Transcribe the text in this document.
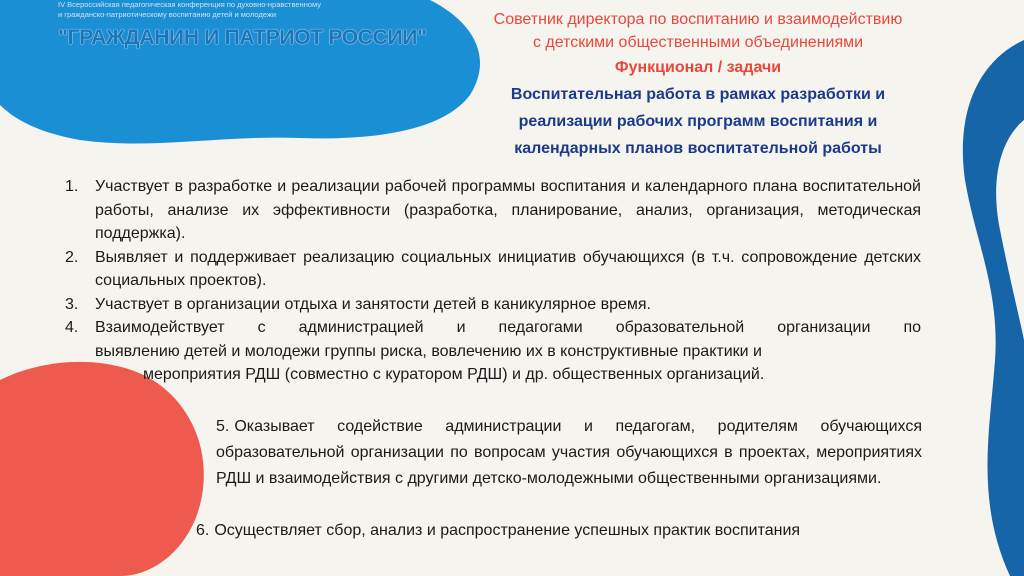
IV Всероссийская педагогическая конференция по духовно-нравственному
и гражданско-патриотическому воспитанию детей и молодежи
"ГРАЖДАНИН И ПАТРИОТ РОССИИ"
Советник директора по воспитанию и взаимодействию
с детскими общественными объединениями
Функционал / задачи
Воспитательная работа в рамках разработки и
реализации рабочих программ воспитания и
календарных планов воспитательной работы
1. Участвует в разработке и реализации рабочей программы воспитания и календарного плана воспитательной работы, анализе их эффективности (разработка, планирование, анализ, организация, методическая поддержка).
2. Выявляет и поддерживает реализацию социальных инициатив обучающихся (в т.ч. сопровождение детских социальных проектов).
3. Участвует в организации отдыха и занятости детей в каникулярное время.
4. Взаимодействует с администрацией и педагогами образовательной организации по
выявлению детей и молодежи группы риска, вовлечению их в конструктивные практики и
мероприятия РДШ (совместно с куратором РДШ) и др. общественных организаций.
5. Оказывает содействие администрации и педагогам, родителям обучающихся образовательной организации по вопросам участия обучающихся в проектах, мероприятиях РДШ и взаимодействия с другими детско-молодежными общественными организациями.
6. Осуществляет сбор, анализ и распространение успешных практик воспитания
